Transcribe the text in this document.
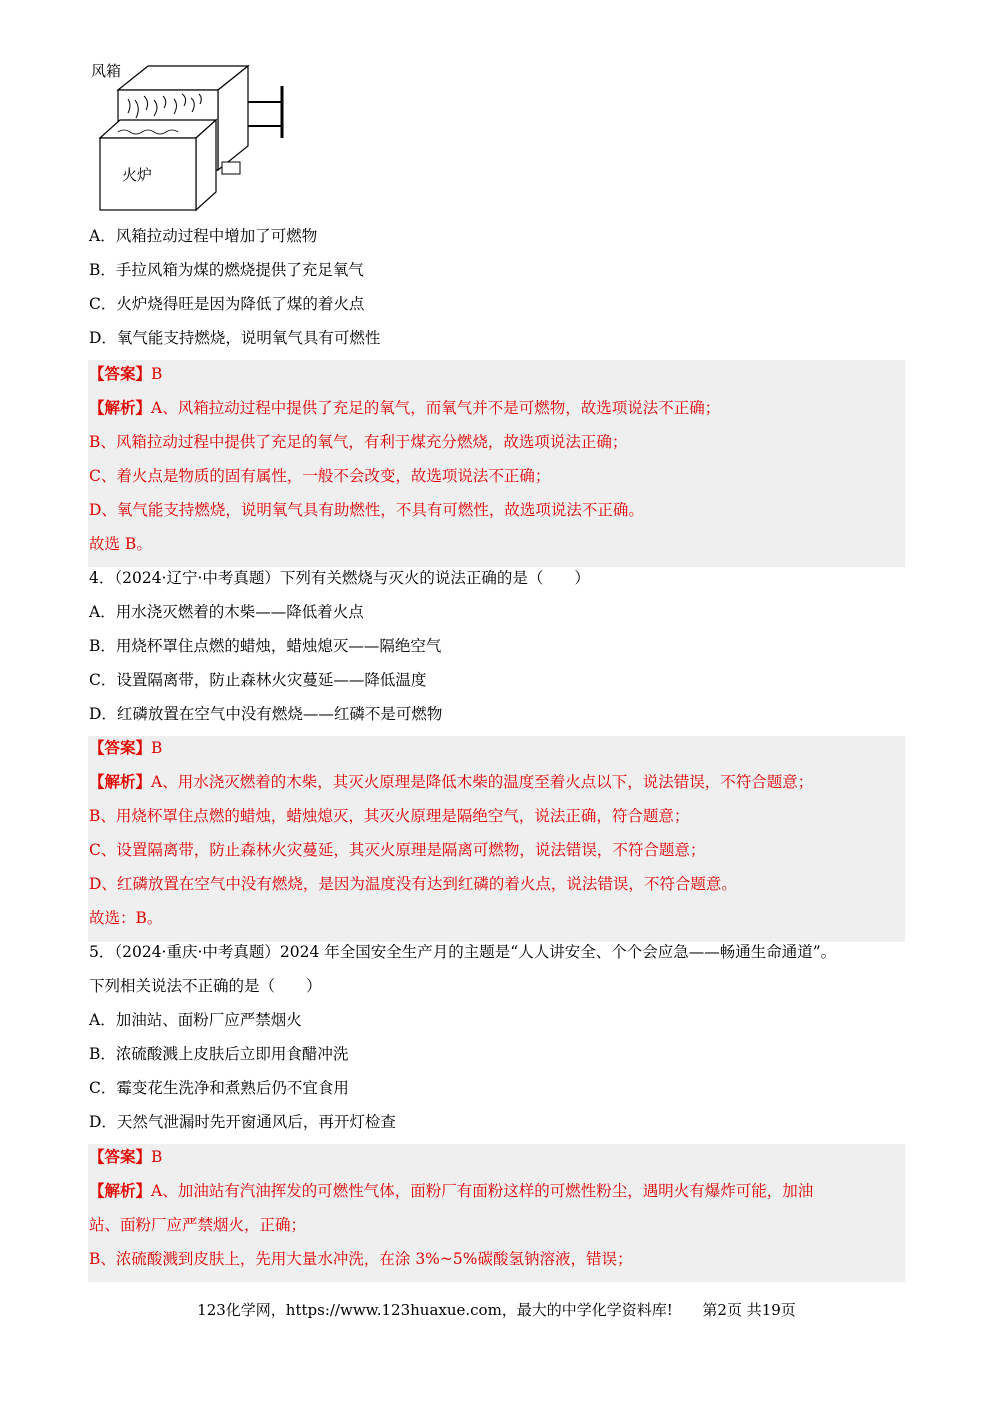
风箱
火炉
A．风箱拉动过程中增加了可燃物
B．手拉风箱为煤的燃烧提供了充足氧气
C．火炉烧得旺是因为降低了煤的着火点
D．氧气能支持燃烧，说明氧气具有可燃性
【答案】B
【解析】A、风箱拉动过程中提供了充足的氧气，而氧气并不是可燃物，故选项说法不正确；
B、风箱拉动过程中提供了充足的氧气，有利于煤充分燃烧，故选项说法正确；
C、着火点是物质的固有属性，一般不会改变，故选项说法不正确；
D、氧气能支持燃烧，说明氧气具有助燃性，不具有可燃性，故选项说法不正确。
故选 B。
4．（2024·辽宁·中考真题）下列有关燃烧与灭火的说法正确的是（　　）
A．用水浇灭燃着的木柴——降低着火点
B．用烧杯罩住点燃的蜡烛，蜡烛熄灭——隔绝空气
C．设置隔离带，防止森林火灾蔓延——降低温度
D．红磷放置在空气中没有燃烧——红磷不是可燃物
【答案】B
【解析】A、用水浇灭燃着的木柴，其灭火原理是降低木柴的温度至着火点以下，说法错误，不符合题意；
B、用烧杯罩住点燃的蜡烛，蜡烛熄灭，其灭火原理是隔绝空气，说法正确，符合题意；
C、设置隔离带，防止森林火灾蔓延，其灭火原理是隔离可燃物，说法错误，不符合题意；
D、红磷放置在空气中没有燃烧，是因为温度没有达到红磷的着火点，说法错误，不符合题意。
故选：B。
5．（2024·重庆·中考真题）2024 年全国安全生产月的主题是“人人讲安全、个个会应急——畅通生命通道”。
下列相关说法不正确的是（　　）
A．加油站、面粉厂应严禁烟火
B．浓硫酸溅上皮肤后立即用食醋冲洗
C．霉变花生洗净和煮熟后仍不宜食用
D．天然气泄漏时先开窗通风后，再开灯检查
【答案】B
【解析】A、加油站有汽油挥发的可燃性气体，面粉厂有面粉这样的可燃性粉尘，遇明火有爆炸可能，加油
站、面粉厂应严禁烟火，正确；
B、浓硫酸溅到皮肤上，先用大量水冲洗，在涂 3%~5%碳酸氢钠溶液，错误；
123化学网，https://www.123huaxue.com，最大的中学化学资料库! 第2页 共19页
